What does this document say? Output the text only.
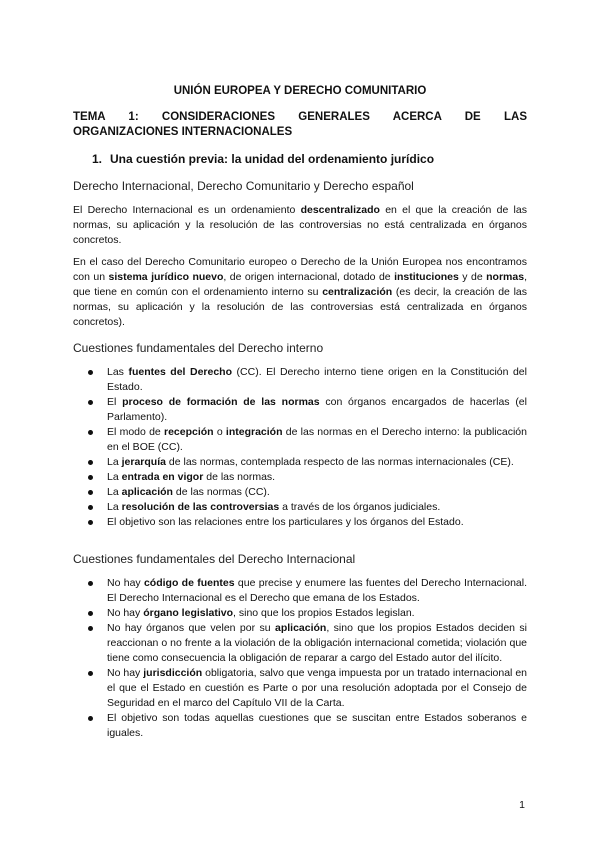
UNIÓN EUROPEA Y DERECHO COMUNITARIO
TEMA 1: CONSIDERACIONES GENERALES ACERCA DE LAS
ORGANIZACIONES INTERNACIONALES
1. Una cuestión previa: la unidad del ordenamiento jurídico
Derecho Internacional, Derecho Comunitario y Derecho español
El Derecho Internacional es un ordenamiento descentralizado en el que la creación de las normas, su aplicación y la resolución de las controversias no está centralizada en órganos concretos.
En el caso del Derecho Comunitario europeo o Derecho de la Unión Europea nos encontramos con un sistema jurídico nuevo, de origen internacional, dotado de instituciones y de normas, que tiene en común con el ordenamiento interno su centralización (es decir, la creación de las normas, su aplicación y la resolución de las controversias está centralizada en órganos concretos).
Cuestiones fundamentales del Derecho interno
Las fuentes del Derecho (CC). El Derecho interno tiene origen en la Constitución del Estado.
El proceso de formación de las normas con órganos encargados de hacerlas (el Parlamento).
El modo de recepción o integración de las normas en el Derecho interno: la publicación en el BOE (CC).
La jerarquía de las normas, contemplada respecto de las normas internacionales (CE).
La entrada en vigor de las normas.
La aplicación de las normas (CC).
La resolución de las controversias a través de los órganos judiciales.
El objetivo son las relaciones entre los particulares y los órganos del Estado.
Cuestiones fundamentales del Derecho Internacional
No hay código de fuentes que precise y enumere las fuentes del Derecho Internacional. El Derecho Internacional es el Derecho que emana de los Estados.
No hay órgano legislativo, sino que los propios Estados legislan.
No hay órganos que velen por su aplicación, sino que los propios Estados deciden si reaccionan o no frente a la violación de la obligación internacional cometida; violación que tiene como consecuencia la obligación de reparar a cargo del Estado autor del ilícito.
No hay jurisdicción obligatoria, salvo que venga impuesta por un tratado internacional en el que el Estado en cuestión es Parte o por una resolución adoptada por el Consejo de Seguridad en el marco del Capítulo VII de la Carta.
El objetivo son todas aquellas cuestiones que se suscitan entre Estados soberanos e iguales.
1
